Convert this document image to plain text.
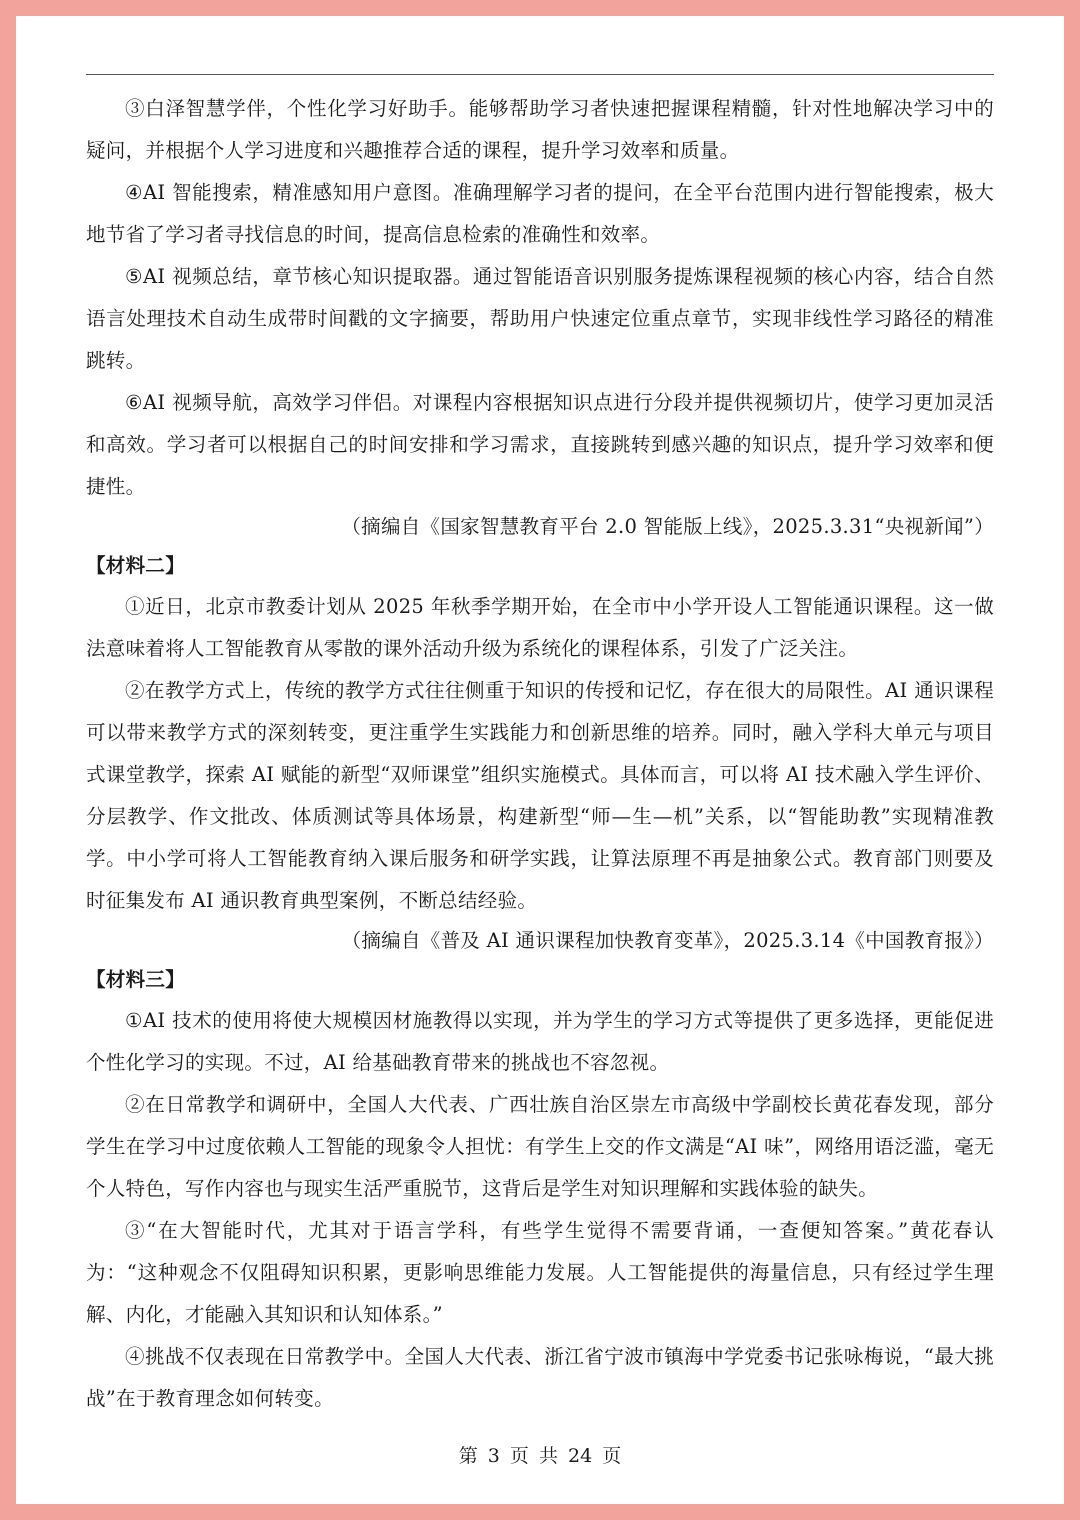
③白泽智慧学伴，个性化学习好助手。能够帮助学习者快速把握课程精髓，针对性地解决学习中的疑问，并根据个人学习进度和兴趣推荐合适的课程，提升学习效率和质量。

④AI 智能搜索，精准感知用户意图。准确理解学习者的提问，在全平台范围内进行智能搜索，极大地节省了学习者寻找信息的时间，提高信息检索的准确性和效率。

⑤AI 视频总结，章节核心知识提取器。通过智能语音识别服务提炼课程视频的核心内容，结合自然语言处理技术自动生成带时间戳的文字摘要，帮助用户快速定位重点章节，实现非线性学习路径的精准跳转。

⑥AI 视频导航，高效学习伴侣。对课程内容根据知识点进行分段并提供视频切片，使学习更加灵活和高效。学习者可以根据自己的时间安排和学习需求，直接跳转到感兴趣的知识点，提升学习效率和便捷性。

（摘编自《国家智慧教育平台 2.0 智能版上线》，2025.3.31“央视新闻”）

【材料二】

①近日，北京市教委计划从 2025 年秋季学期开始，在全市中小学开设人工智能通识课程。这一做法意味着将人工智能教育从零散的课外活动升级为系统化的课程体系，引发了广泛关注。

②在教学方式上，传统的教学方式往往侧重于知识的传授和记忆，存在很大的局限性。AI 通识课程可以带来教学方式的深刻转变，更注重学生实践能力和创新思维的培养。同时，融入学科大单元与项目式课堂教学，探索 AI 赋能的新型“双师课堂”组织实施模式。具体而言，可以将 AI 技术融入学生评价、分层教学、作文批改、体质测试等具体场景，构建新型“师—生—机”关系，以“智能助教”实现精准教学。中小学可将人工智能教育纳入课后服务和研学实践，让算法原理不再是抽象公式。教育部门则要及时征集发布 AI 通识教育典型案例，不断总结经验。

（摘编自《普及 AI 通识课程加快教育变革》，2025.3.14《中国教育报》）

【材料三】

①AI 技术的使用将使大规模因材施教得以实现，并为学生的学习方式等提供了更多选择，更能促进个性化学习的实现。不过，AI 给基础教育带来的挑战也不容忽视。

②在日常教学和调研中，全国人大代表、广西壮族自治区崇左市高级中学副校长黄花春发现，部分学生在学习中过度依赖人工智能的现象令人担忧：有学生上交的作文满是“AI 味”，网络用语泛滥，毫无个人特色，写作内容也与现实生活严重脱节，这背后是学生对知识理解和实践体验的缺失。

③“在大智能时代，尤其对于语言学科，有些学生觉得不需要背诵，一查便知答案。”黄花春认为：“这种观念不仅阻碍知识积累，更影响思维能力发展。人工智能提供的海量信息，只有经过学生理解、内化，才能融入其知识和认知体系。”

④挑战不仅表现在日常教学中。全国人大代表、浙江省宁波市镇海中学党委书记张咏梅说，“最大挑战”在于教育理念如何转变。

第 3 页 共 24 页
